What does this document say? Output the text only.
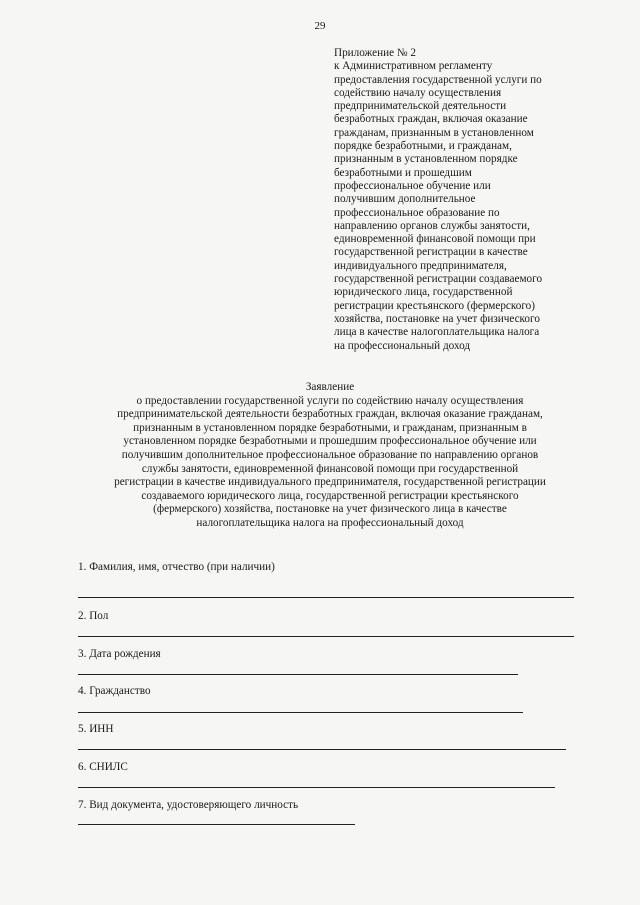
29
Приложение № 2
к Административном регламенту
предоставления государственной услуги по
содействию началу осуществления
предпринимательской деятельности
безработных граждан, включая оказание
гражданам, признанным в установленном
порядке безработными, и гражданам,
признанным в установленном порядке
безработными и прошедшим
профессиональное обучение или
получившим дополнительное
профессиональное образование по
направлению органов службы занятости,
единовременной финансовой помощи при
государственной регистрации в качестве
индивидуального предпринимателя,
государственной регистрации создаваемого
юридического лица, государственной
регистрации крестьянского (фермерского)
хозяйства, постановке на учет физического
лица в качестве налогоплательщика налога
на профессиональный доход
Заявление
о предоставлении государственной услуги по содействию началу осуществления
предпринимательской деятельности безработных граждан, включая оказание гражданам,
признанным в установленном порядке безработными, и гражданам, признанным в
установленном порядке безработными и прошедшим профессиональное обучение или
получившим дополнительное профессиональное образование по направлению органов
службы занятости, единовременной финансовой помощи при государственной
регистрации в качестве индивидуального предпринимателя, государственной регистрации
создаваемого юридического лица, государственной регистрации крестьянского
(фермерского) хозяйства, постановке на учет физического лица в качестве
налогоплательщика налога на профессиональный доход
1. Фамилия, имя, отчество (при наличии)
2. Пол
3. Дата рождения
4. Гражданство
5. ИНН
6. СНИЛС
7. Вид документа, удостоверяющего личность
